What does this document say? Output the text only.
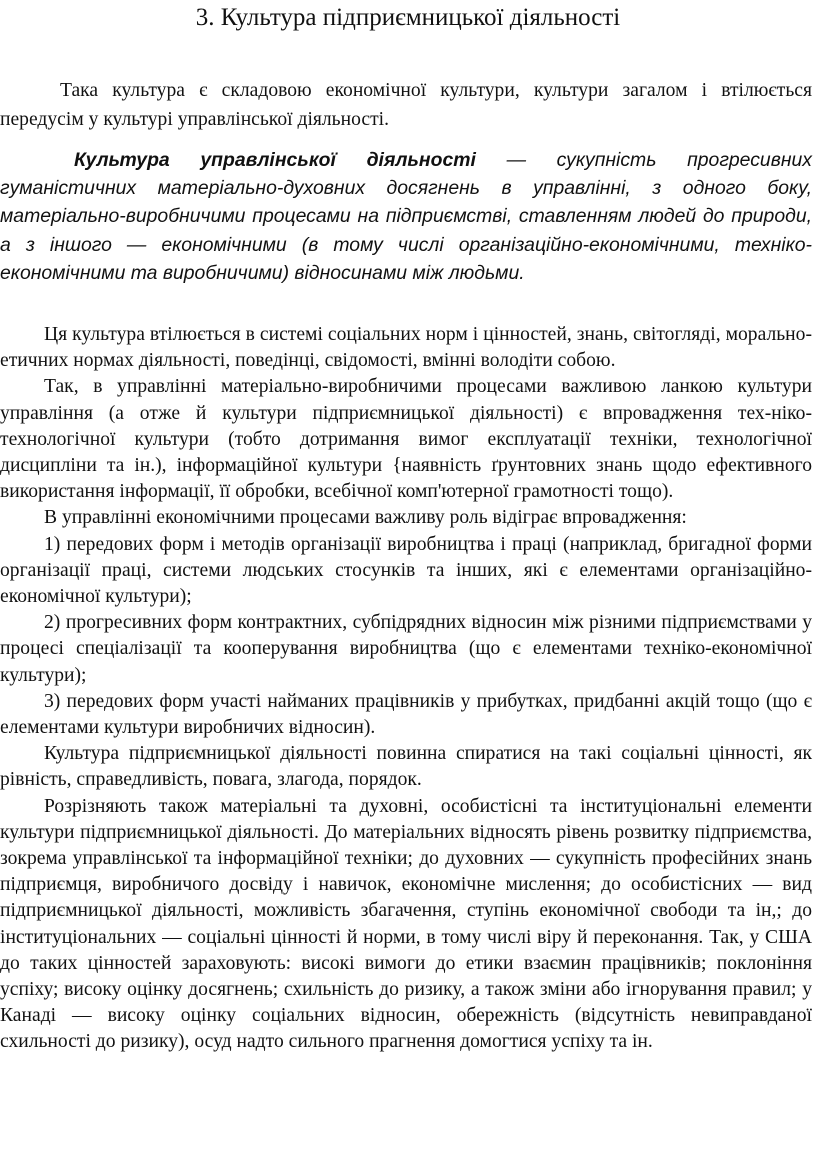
3. Культура підприємницької діяльності

Така культура є складовою економічної культури, культури загалом і втілюється передусім у культурі управлінської діяльності.

Культура управлінської діяльності — сукупність прогресивних гуманістичних матеріально-духовних досягнень в управлінні, з одного боку, матеріально-виробничими процесами на підприємстві, ставленням людей до природи, а з іншого — економічними (в тому числі організаційно-економічними, техніко-економічними та виробничими) відносинами між людьми.

Ця культура втілюється в системі соціальних норм і цінностей, знань, світогляді, морально-етичних нормах діяльності, поведінці, свідомості, вмінні володіти собою.

Так, в управлінні матеріально-виробничими процесами важливою ланкою культури управління (а отже й культури підприємницької діяльності) є впровадження тех-ніко-технологічної культури (тобто дотримання вимог експлуатації техніки, технологічної дисципліни та ін.), інформаційної культури {наявність ґрунтовних знань щодо ефективного використання інформації, її обробки, всебічної комп'ютерної грамотності тощо).

В управлінні економічними процесами важливу роль відіграє впровадження:

1) передових форм і методів організації виробництва і праці (наприклад, бригадної форми організації праці, системи людських стосунків та інших, які є елементами організаційно-економічної культури);

2) прогресивних форм контрактних, субпідрядних відносин між різними підприємствами у процесі спеціалізації та кооперування виробництва (що є елементами техніко-економічної культури);

3) передових форм участі найманих працівників у прибутках, придбанні акцій тощо (що є елементами культури виробничих відносин).

Культура підприємницької діяльності повинна спиратися на такі соціальні цінності, як рівність, справедливість, повага, злагода, порядок.

Розрізняють також матеріальні та духовні, особистісні та інституціональні елементи культури підприємницької діяльності. До матеріальних відносять рівень розвитку підприємства, зокрема управлінської та інформаційної техніки; до духовних — сукупність професійних знань підприємця, виробничого досвіду і навичок, економічне мислення; до особистісних — вид підприємницької діяльності, можливість збагачення, ступінь економічної свободи та ін,; до інституціональних — соціальні цінності й норми, в тому числі віру й переконання. Так, у США до таких цінностей зараховують: високі вимоги до етики взаємин працівників; поклоніння успіху; високу оцінку досягнень; схильність до ризику, а також зміни або ігнорування правил; у Канаді — високу оцінку соціальних відносин, обережність (відсутність невиправданої схильності до ризику), осуд надто сильного прагнення домогтися успіху та ін.
